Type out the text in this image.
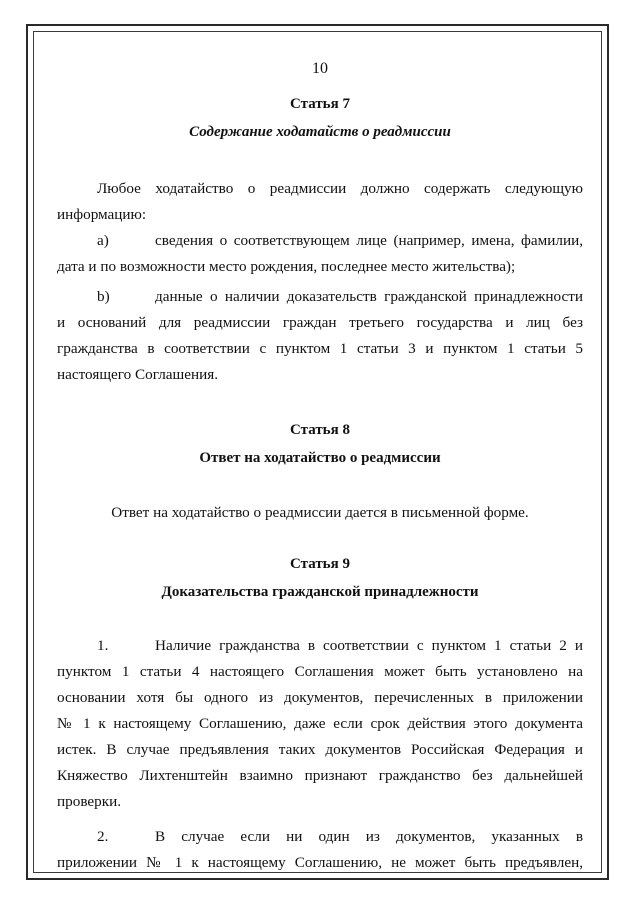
10
Статья 7
Содержание ходатайств о реадмиссии
Любое ходатайство о реадмиссии должно содержать следующую
информацию:
a)	сведения о соответствующем лице (например, имена, фамилии,
дата и по возможности место рождения, последнее место жительства);
b)	данные о наличии доказательств гражданской принадлежности
и оснований для реадмиссии граждан третьего государства и лиц без
гражданства в соответствии с пунктом 1 статьи 3 и пунктом 1 статьи 5
настоящего Соглашения.
Статья 8
Ответ на ходатайство о реадмиссии
Ответ на ходатайство о реадмиссии дается в письменной форме.
Статья 9
Доказательства гражданской принадлежности
1.	Наличие гражданства в соответствии с пунктом 1 статьи 2 и
пунктом 1 статьи 4 настоящего Соглашения может быть установлено на
основании хотя бы одного из документов, перечисленных в приложении
№ 1 к настоящему Соглашению, даже если срок действия этого документа
истек. В случае предъявления таких документов Российская Федерация и
Княжество Лихтенштейн взаимно признают гражданство без дальнейшей
проверки.
2.	В случае если ни один из документов, указанных в
приложении № 1 к настоящему Соглашению, не может быть предъявлен,
